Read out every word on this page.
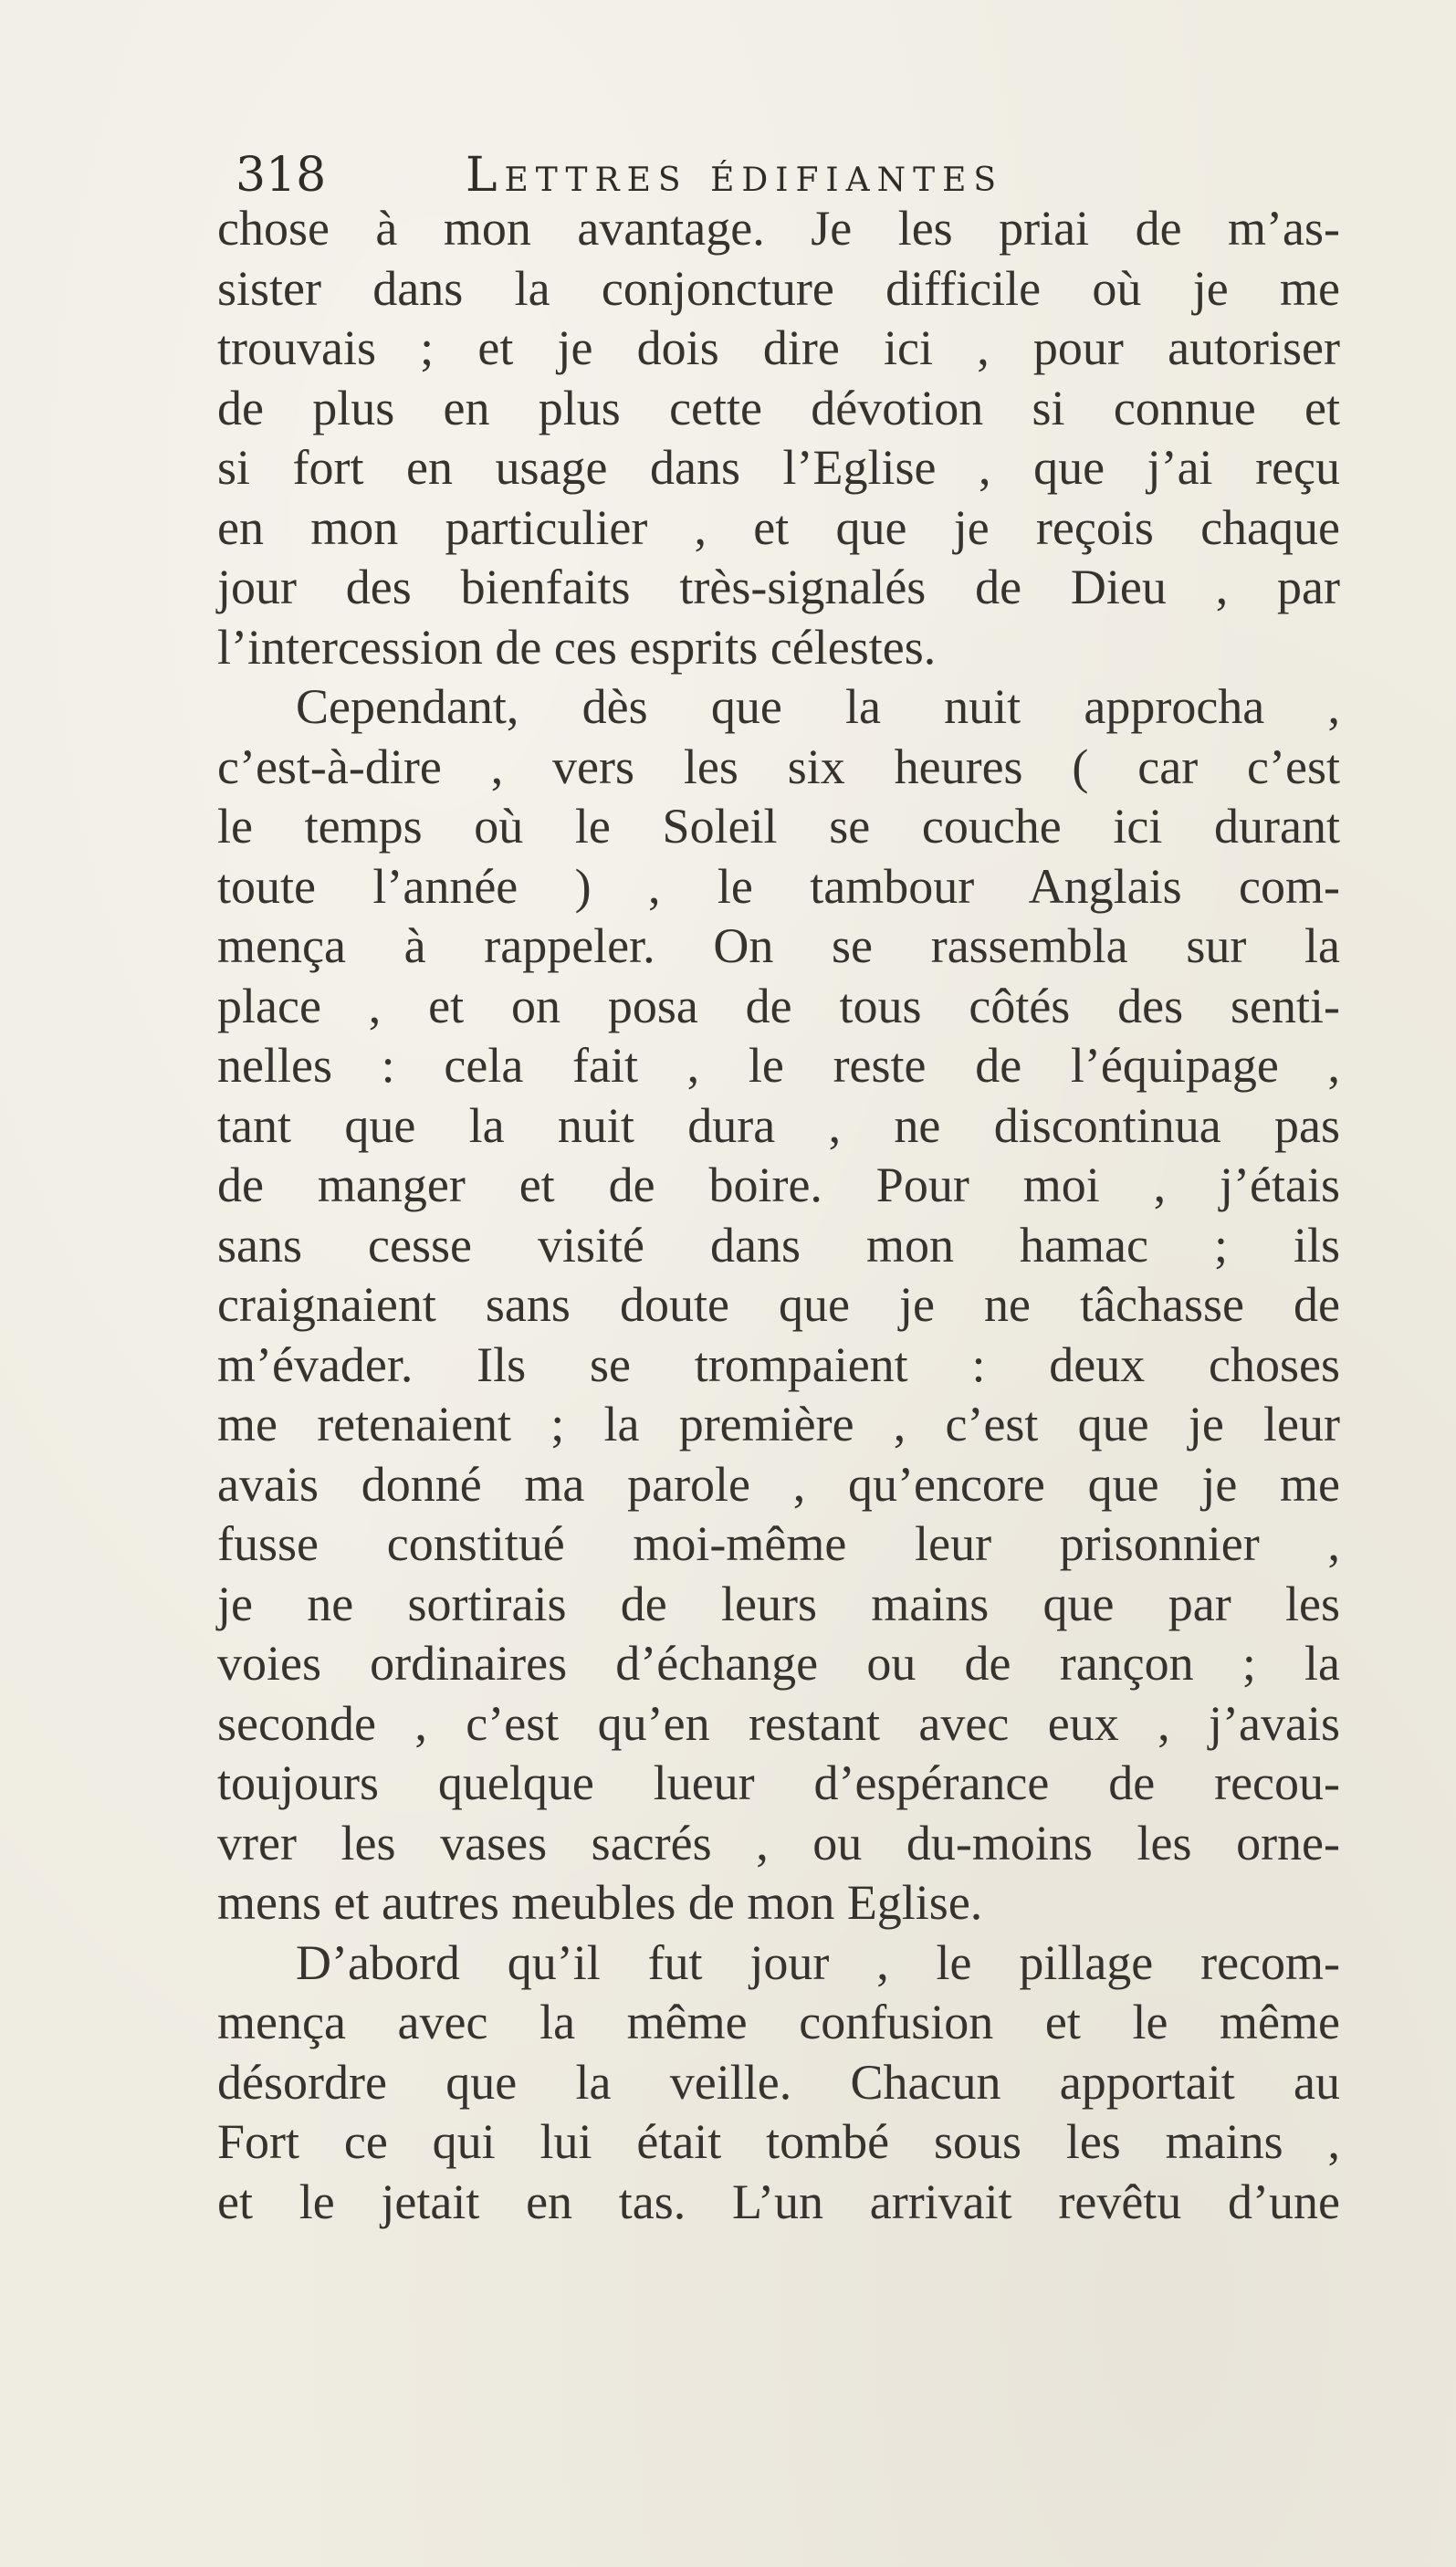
318	Lettres édifiantes
chose à mon avantage. Je les priai de m’as-
sister dans la conjoncture difficile où je me
trouvais ; et je dois dire ici , pour autoriser
de plus en plus cette dévotion si connue et
si fort en usage dans l’Eglise , que j’ai reçu
en mon particulier , et que je reçois chaque
jour des bienfaits très-signalés de Dieu , par
l’intercession de ces esprits célestes.
Cependant, dès que la nuit approcha ,
c’est-à-dire , vers les six heures ( car c’est
le temps où le Soleil se couche ici durant
toute l’année ) , le tambour Anglais com-
mença à rappeler. On se rassembla sur la
place , et on posa de tous côtés des senti-
nelles : cela fait , le reste de l’équipage ,
tant que la nuit dura , ne discontinua pas
de manger et de boire. Pour moi , j’étais
sans cesse visité dans mon hamac ; ils
craignaient sans doute que je ne tâchasse de
m’évader. Ils se trompaient : deux choses
me retenaient ; la première , c’est que je leur
avais donné ma parole , qu’encore que je me
fusse constitué moi-même leur prisonnier ,
je ne sortirais de leurs mains que par les
voies ordinaires d’échange ou de rançon ; la
seconde , c’est qu’en restant avec eux , j’avais
toujours quelque lueur d’espérance de recou-
vrer les vases sacrés , ou du-moins les orne-
mens et autres meubles de mon Eglise.
D’abord qu’il fut jour , le pillage recom-
mença avec la même confusion et le même
désordre que la veille. Chacun apportait au
Fort ce qui lui était tombé sous les mains ,
et le jetait en tas. L’un arrivait revêtu d’une
